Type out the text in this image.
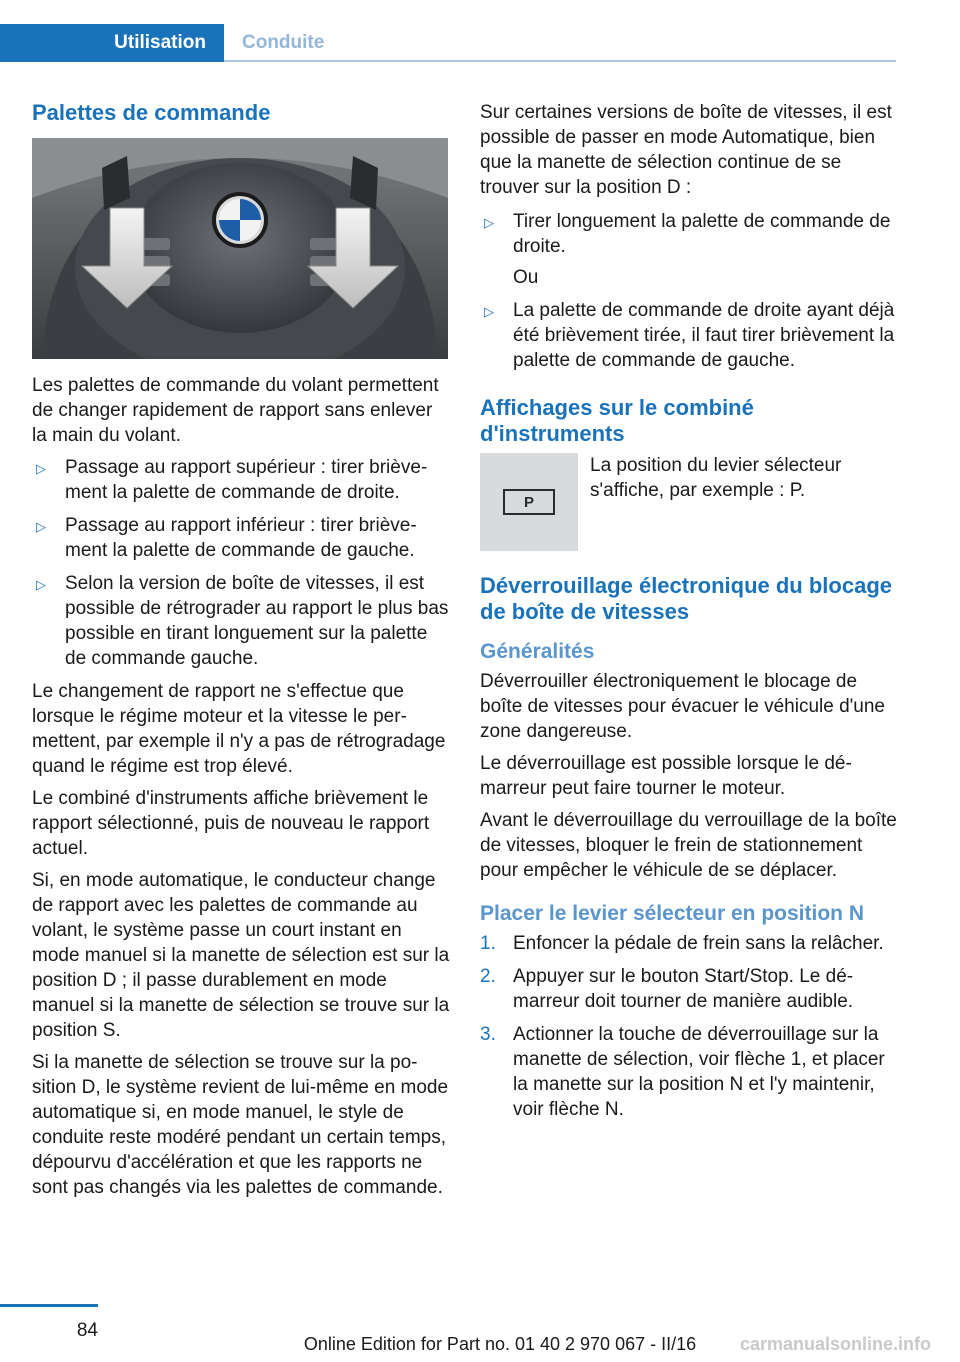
Utilisation	Conduite
Palettes de commande

Les palettes de commande du volant permettent de changer rapidement de rapport sans enlever la main du volant.

▷ Passage au rapport supérieur : tirer brièvement la palette de commande de droite.
▷ Passage au rapport inférieur : tirer brièvement la palette de commande de gauche.
▷ Selon la version de boîte de vitesses, il est possible de rétrograder au rapport le plus bas possible en tirant longuement sur la palette de commande gauche.

Le changement de rapport ne s'effectue que lorsque le régime moteur et la vitesse le permettent, par exemple il n'y a pas de rétrogradage quand le régime est trop élevé.

Le combiné d'instruments affiche brièvement le rapport sélectionné, puis de nouveau le rapport actuel.

Si, en mode automatique, le conducteur change de rapport avec les palettes de commande au volant, le système passe un court instant en mode manuel si la manette de sélection est sur la position D ; il passe durablement en mode manuel si la manette de sélection se trouve sur la position S.

Si la manette de sélection se trouve sur la position D, le système revient de lui-même en mode automatique si, en mode manuel, le style de conduite reste modéré pendant un certain temps, dépourvu d'accélération et que les rapports ne sont pas changés via les palettes de commande.

Sur certaines versions de boîte de vitesses, il est possible de passer en mode Automatique, bien que la manette de sélection continue de se trouver sur la position D :

▷ Tirer longuement la palette de commande de droite.
Ou
▷ La palette de commande de droite ayant déjà été brièvement tirée, il faut tirer brièvement la palette de commande de gauche.
Affichages sur le combiné d'instruments
P
La position du levier sélecteur s'affiche, par exemple : P.
Déverrouillage électronique du blocage de boîte de vitesses
Généralités

Déverrouiller électroniquement le blocage de boîte de vitesses pour évacuer le véhicule d'une zone dangereuse.

Le déverrouillage est possible lorsque le démarreur peut faire tourner le moteur.

Avant le déverrouillage du verrouillage de la boîte de vitesses, bloquer le frein de stationnement pour empêcher le véhicule de se déplacer.

Placer le levier sélecteur en position N
1. Enfoncer la pédale de frein sans la relâcher.
2. Appuyer sur le bouton Start/Stop. Le démarreur doit tourner de manière audible.
3. Actionner la touche de déverrouillage sur la manette de sélection, voir flèche 1, et placer la manette sur la position N et l'y maintenir, voir flèche N.
84
Online Edition for Part no. 01 40 2 970 067 - II/16 carmanualsonline.info
